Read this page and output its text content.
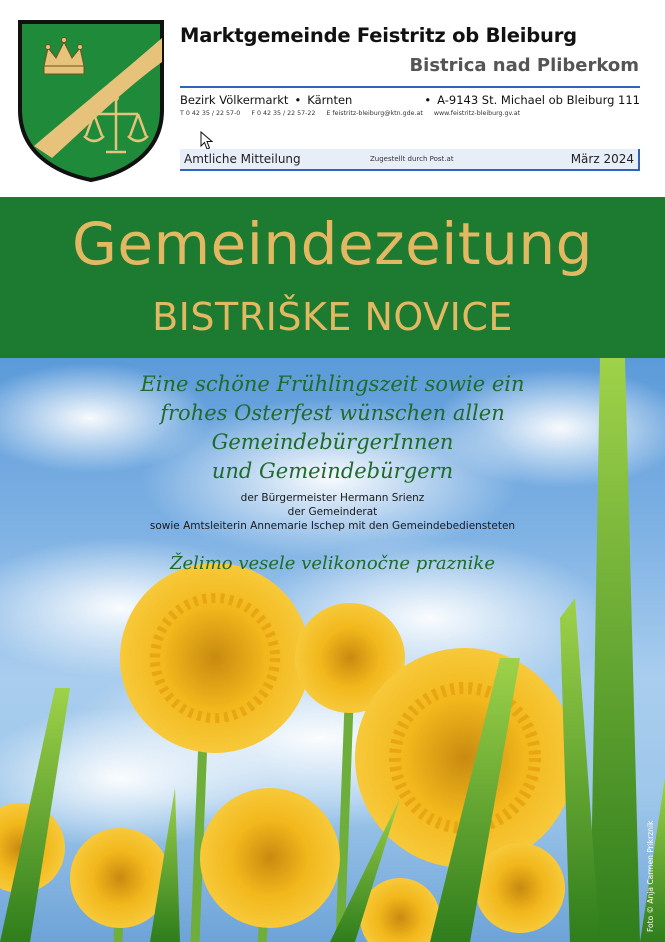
Marktgemeinde Feistritz ob Bleiburg
Bistrica nad Pliberkom
Bezirk Völkermarkt • Kärnten	• A-9143 St. Michael ob Bleiburg 111
T 0 42 35 / 22 57-0 F 0 42 35 / 22 57-22 E feistritz-bleiburg@ktn.gde.at www.feistritz-bleiburg.gv.at
Amtliche Mitteilung	Zugestellt durch Post.at	März 2024
Gemeindezeitung
BISTRIŠKE NOVICE
Eine schöne Frühlingszeit sowie ein
frohes Osterfest wünschen allen
GemeindebürgerInnen
und Gemeindebürgern
der Bürgermeister Hermann Srienz
der Gemeinderat
sowie Amtsleiterin Annemarie Ischep mit den Gemeindebediensteten
Želimo vesele velikonočne praznike
Foto © Anja Carmen Prikrznik
